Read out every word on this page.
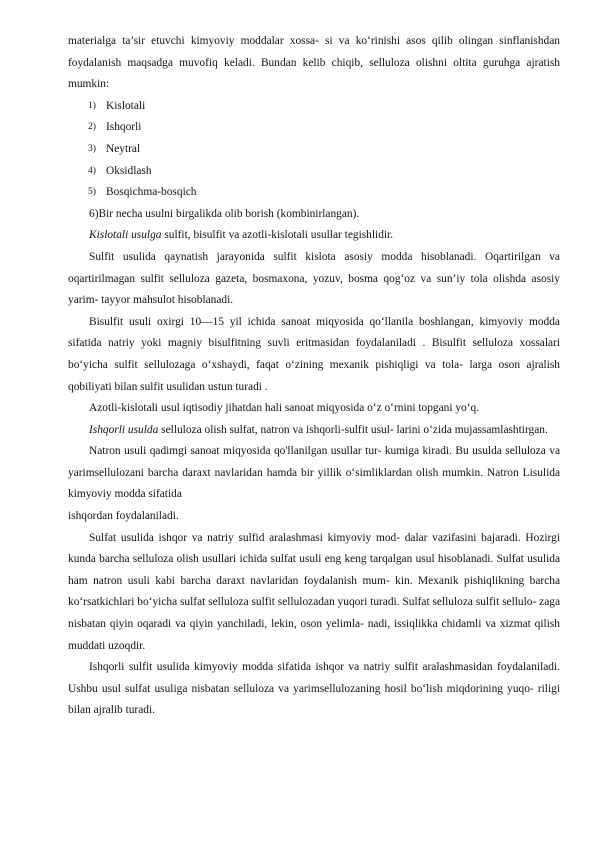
materialga ta’sir etuvchi kimyoviy moddalar xossa- si va ko‘rinishi asos qilib olingan sinflanishdan foydalanish maqsadga muvofiq keladi. Bundan kelib chiqib, selluloza olishni oltita guruhga ajratish mumkin:

1) Kislotali

2) Ishqorli

3) Neytral

4) Oksidlash

5) Bosqichma-bosqich

6)Bir necha usulni birgalikda olib borish (kombinirlangan).

Kislotali usulga sulfit, bisulfit va azotli-kislotali usullar tegishlidir.

Sulfit usulida qaynatish jarayonida sulfit kislota asosiy modda hisoblanadi. Oqartirilgan va oqartirilmagan sulfit selluloza gazeta, bosmaxona, yozuv, bosma qog‘oz va sun’iy tola olishda asosiy yarim- tayyor mahsulot hisoblanadi.

Bisulfit usuli oxirgi 10—15 yil ichida sanoat miqyosida qo‘llanila boshlangan, kimyoviy modda sifatida natriy yoki magniy bisulfitning suvli eritmasidan foydalaniladi . Bisulfit selluloza xossalari bo‘yicha sulfit sellulozaga o‘xshaydi, faqat o‘zining mexanik pishiqligi va tola- larga oson ajralish qobiliyati bilan sulfit usulidan ustun turadi .

Azotli-kislotali usul iqtisodiy jihatdan hali sanoat miqyosida o‘z o‘rnini topgani yo‘q.

Ishqorli usulda selluloza olish sulfat, natron va ishqorli-sulfit usul- larini o‘zida mujassamlashtirgan.

Natron usuli qadimgi sanoat miqyosida qo'llanilgan usullar tur- kumiga kiradi. Bu usulda selluloza va yarimsellulozani barcha daraxt navlaridan hamda bir yillik o‘simliklardan olish mumkin. Natron Lisulida kimyoviy modda sifatida

ishqordan foydalaniladi.

Sulfat usulida ishqor va natriy sulfid aralashmasi kimyoviy mod- dalar vazifasini bajaradi. Hozirgi kunda barcha selluloza olish usullari ichida sulfat usuli eng keng tarqalgan usul hisoblanadi. Sulfat usulida ham natron usuli kabi barcha daraxt navlaridan foydalanish mum- kin. Mexanik pishiqlikning barcha ko‘rsatkichlari bo‘yicha sulfat selluloza sulfit sellulozadan yuqori turadi. Sulfat selluloza sulfit sellulo- zaga nisbatan qiyin oqaradi va qiyin yanchiladi, lekin, oson yelimla- nadi, issiqlikka chidamli va xizmat qilish muddati uzoqdir.

Ishqorli sulfit usulida kimyoviy modda sifatida ishqor va natriy sulfit aralashmasidan foydalaniladi. Ushbu usul sulfat usuliga nisbatan selluloza va yarimsellulozaning hosil bo‘lish miqdorining yuqo- riligi bilan ajralib turadi.
